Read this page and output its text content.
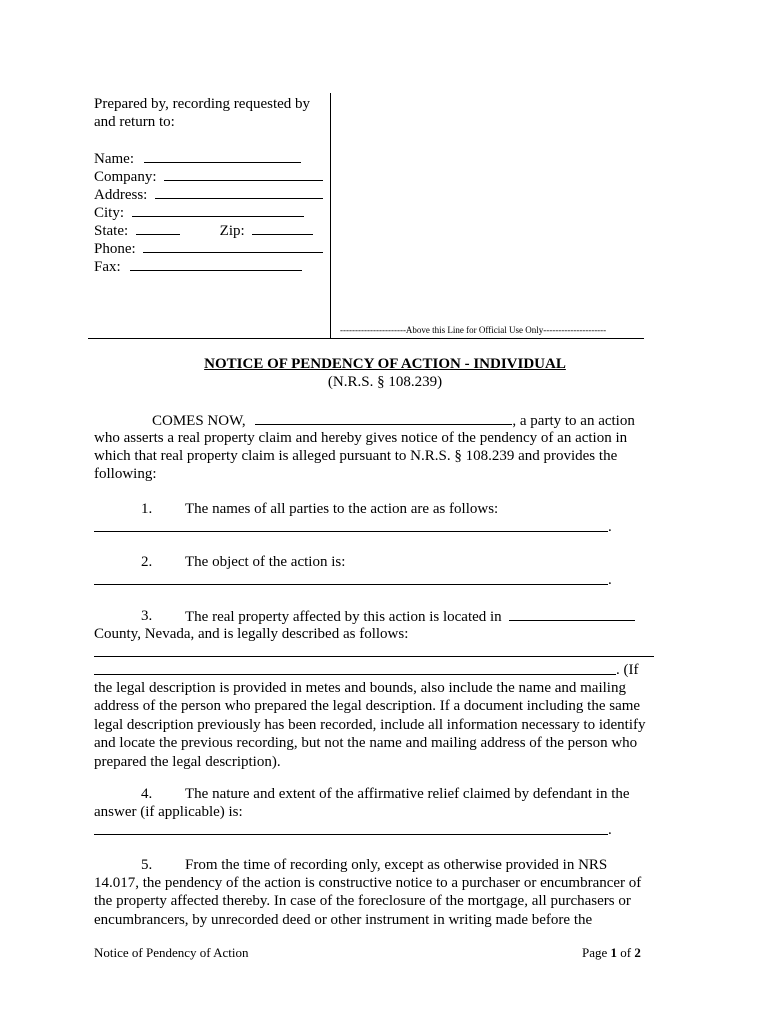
Prepared by, recording requested by
and return to:
Name:
Company:
Address:
City:
State:	Zip:
Phone:
Fax:
----------------------Above this Line for Official Use Only---------------------
NOTICE OF PENDENCY OF ACTION - INDIVIDUAL
(N.R.S. § 108.239)
COMES NOW,	, a party to an action
who asserts a real property claim and hereby gives notice of the pendency of an action in
which that real property claim is alleged pursuant to N.R.S. § 108.239 and provides the
following:
1. The names of all parties to the action are as follows:
.
2. The object of the action is:
.
3. The real property affected by this action is located in
County, Nevada, and is legally described as follows:
. (If
the legal description is provided in metes and bounds, also include the name and mailing
address of the person who prepared the legal description. If a document including the same
legal description previously has been recorded, include all information necessary to identify
and locate the previous recording, but not the name and mailing address of the person who
prepared the legal description).
4. The nature and extent of the affirmative relief claimed by defendant in the
answer (if applicable) is:
.
5. From the time of recording only, except as otherwise provided in NRS
14.017, the pendency of the action is constructive notice to a purchaser or encumbrancer of
the property affected thereby. In case of the foreclosure of the mortgage, all purchasers or
encumbrancers, by unrecorded deed or other instrument in writing made before the
Notice of Pendency of Action	Page 1 of 2
